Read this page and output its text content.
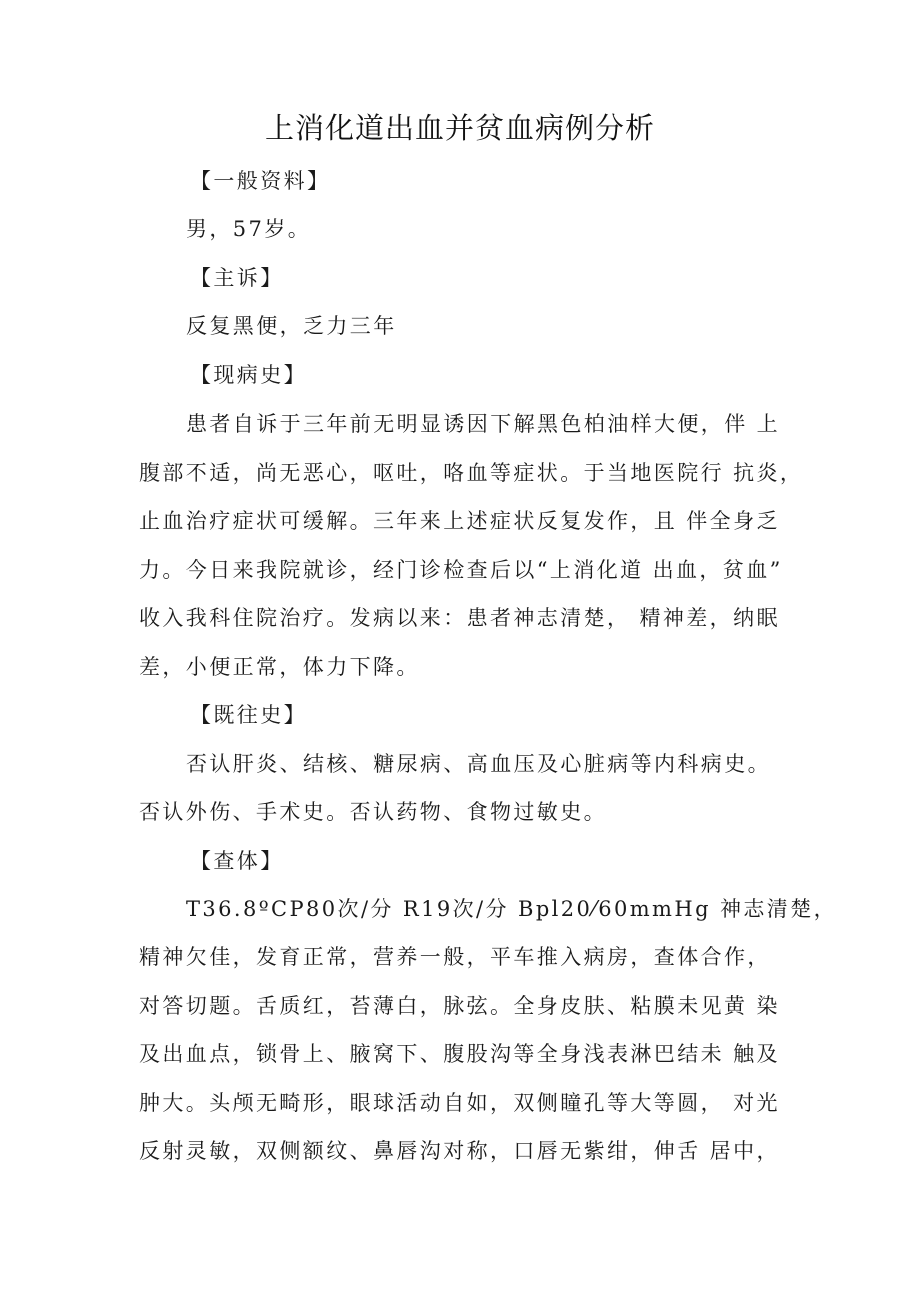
上消化道出血并贫血病例分析

【一般资料】

男，57岁。

【主诉】

反复黑便，乏力三年

【现病史】

患者自诉于三年前无明显诱因下解黑色柏油样大便，伴 上

腹部不适，尚无恶心，呕吐，咯血等症状。于当地医院行 抗炎，

止血治疗症状可缓解。三年来上述症状反复发作，且 伴全身乏

力。今日来我院就诊，经门诊检查后以“上消化道 出血，贫血”

收入我科住院治疗。发病以来：患者神志清楚， 精神差，纳眠

差，小便正常，体力下降。

【既往史】

否认肝炎、结核、糖尿病、高血压及心脏病等内科病史。

否认外伤、手术史。否认药物、食物过敏史。

【查体】

T36.8ºCP80次/分 R19次/分 Bpl20⁄60mmHg 神志清楚，

精神欠佳，发育正常，营养一般，平车推入病房，查体合作，

对答切题。舌质红，苔薄白，脉弦。全身皮肤、粘膜未见黄 染

及出血点，锁骨上、腋窝下、腹股沟等全身浅表淋巴结未 触及

肿大。头颅无畸形，眼球活动自如，双侧瞳孔等大等圆， 对光

反射灵敏，双侧额纹、鼻唇沟对称，口唇无紫绀，伸舌 居中，
